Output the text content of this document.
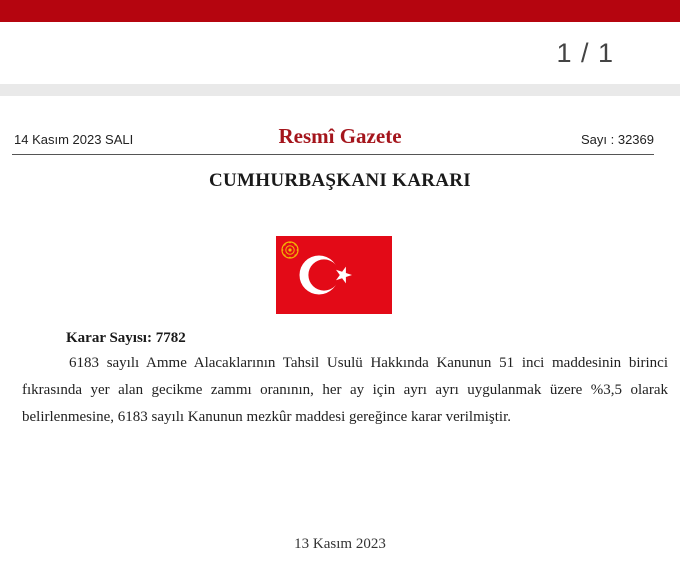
1 / 1
14 Kasım 2023 SALI	Resmî Gazete	Sayı : 32369
CUMHURBAŞKANI KARARI
Karar Sayısı: 7782
6183 sayılı Amme Alacaklarının Tahsil Usulü Hakkında Kanunun 51 inci maddesinin birinci fıkrasında yer alan gecikme zammı oranının, her ay için ayrı ayrı uygulanmak üzere %3,5 olarak belirlenmesine, 6183 sayılı Kanunun mezkûr maddesi gereğince karar verilmiştir.
13 Kasım 2023
